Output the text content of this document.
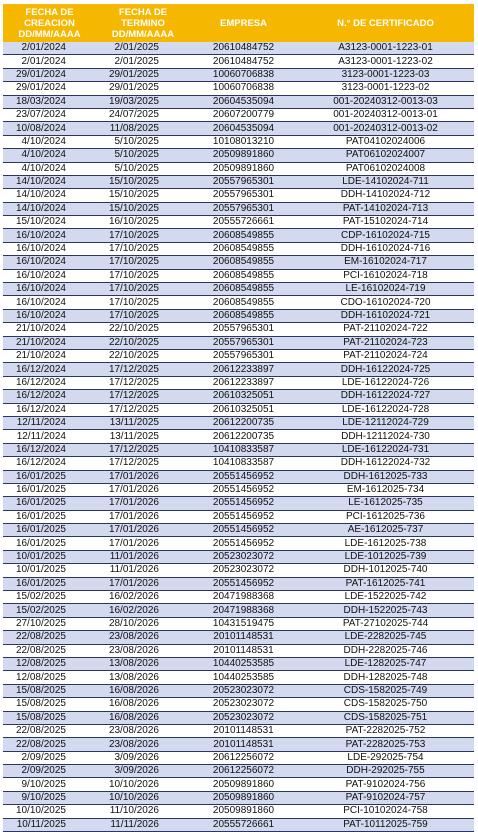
FECHA DE CREACION DD/MM/AAAA	FECHA DE TERMINO DD/MM/AAAA	EMPRESA	N.° DE CERTIFICADO
2/01/2024	2/01/2025	20610484752	A3123-0001-1223-01
2/01/2024	2/01/2025	20610484752	A3123-0001-1223-02
29/01/2024	29/01/2025	10060706838	3123-0001-1223-03
29/01/2024	29/01/2025	10060706838	3123-0001-1223-02
18/03/2024	19/03/2025	20604535094	001-20240312-0013-03
23/07/2024	24/07/2025	20607200779	001-20240312-0013-01
10/08/2024	11/08/2025	20604535094	001-20240312-0013-02
4/10/2024	5/10/2025	10108013210	PAT04102024006
4/10/2024	5/10/2025	20509891860	PAT06102024007
4/10/2024	5/10/2025	20509891860	PAT06102024008
14/10/2024	15/10/2025	20557965301	LDE-14102024-711
14/10/2024	15/10/2025	20557965301	DDH-14102024-712
14/10/2024	15/10/2025	20557965301	PAT-14102024-713
15/10/2024	16/10/2025	20555726661	PAT-15102024-714
16/10/2024	17/10/2025	20608549855	CDP-16102024-715
16/10/2024	17/10/2025	20608549855	DDH-16102024-716
16/10/2024	17/10/2025	20608549855	EM-16102024-717
16/10/2024	17/10/2025	20608549855	PCI-16102024-718
16/10/2024	17/10/2025	20608549855	LE-16102024-719
16/10/2024	17/10/2025	20608549855	CDO-16102024-720
16/10/2024	17/10/2025	20608549855	DDH-16102024-721
21/10/2024	22/10/2025	20557965301	PAT-21102024-722
21/10/2024	22/10/2025	20557965301	PAT-21102024-723
21/10/2024	22/10/2025	20557965301	PAT-21102024-724
16/12/2024	17/12/2025	20612233897	DDH-16122024-725
16/12/2024	17/12/2025	20612233897	LDE-16122024-726
16/12/2024	17/12/2025	20610325051	DDH-16122024-727
16/12/2024	17/12/2025	20610325051	LDE-16122024-728
12/11/2024	13/11/2025	20612200735	LDE-12112024-729
12/11/2024	13/11/2025	20612200735	DDH-12112024-730
16/12/2024	17/12/2025	10410833587	LDE-16122024-731
16/12/2024	17/12/2025	10410833587	DDH-16122024-732
16/01/2025	17/01/2026	20551456952	DDH-1612025-733
16/01/2025	17/01/2026	20551456952	EM-1612025-734
16/01/2025	17/01/2026	20551456952	LE-1612025-735
16/01/2025	17/01/2026	20551456952	PCI-1612025-736
16/01/2025	17/01/2026	20551456952	AE-1612025-737
16/01/2025	17/01/2026	20551456952	LDE-1612025-738
10/01/2025	11/01/2026	20523023072	LDE-1012025-739
10/01/2025	11/01/2026	20523023072	DDH-1012025-740
16/01/2025	17/01/2026	20551456952	PAT-1612025-741
15/02/2025	16/02/2026	20471988368	LDE-1522025-742
15/02/2025	16/02/2026	20471988368	DDH-1522025-743
27/10/2025	28/10/2026	10431519475	PAT-27102025-744
22/08/2025	23/08/2026	20101148531	LDE-2282025-745
22/08/2025	23/08/2026	20101148531	DDH-2282025-746
12/08/2025	13/08/2026	10440253585	LDE-1282025-747
12/08/2025	13/08/2026	10440253585	DDH-1282025-748
15/08/2025	16/08/2026	20523023072	CDS-1582025-749
15/08/2025	16/08/2026	20523023072	CDS-1582025-750
15/08/2025	16/08/2026	20523023072	CDS-1582025-751
22/08/2025	23/08/2026	20101148531	PAT-2282025-752
22/08/2025	23/08/2026	20101148531	PAT-2282025-753
2/09/2025	3/09/2026	20612256072	LDE-292025-754
2/09/2025	3/09/2026	20612256072	DDH-292025-755
9/10/2025	10/10/2026	20509891860	PAT-9102024-756
9/10/2025	10/10/2026	20509891860	PAT-9102024-757
10/10/2025	11/10/2026	20509891860	PCI-10102024-758
10/11/2025	11/11/2026	20555726661	PAT-10112025-759
